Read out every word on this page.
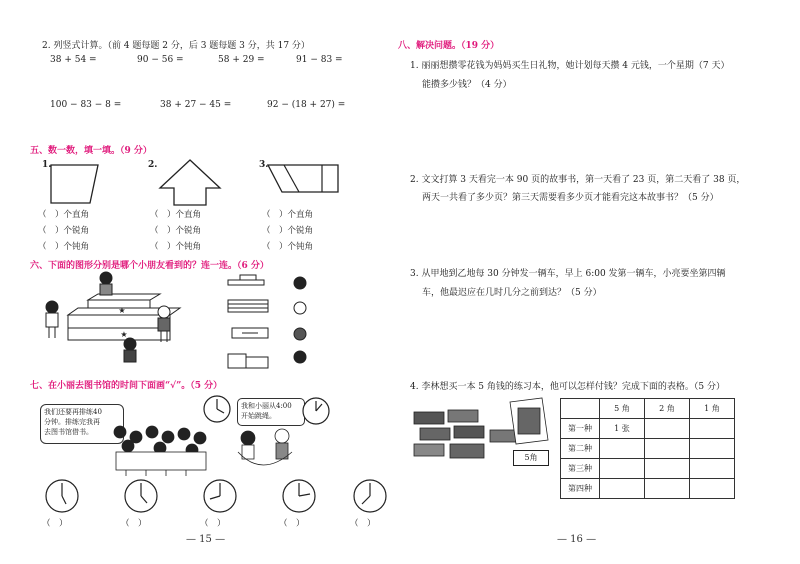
2. 列竖式计算。（前 4 题每题 2 分，后 3 题每题 3 分，共 17 分）
38 + 54 =	90 − 56 =	58 + 29 =	91 − 83 =
100 − 83 − 8 =	38 + 27 − 45 =	92 − (18 + 27) =
五、数一数，填一填。（9 分）
1.	2.	3.
（　）个直角
（　）个锐角
（　）个钝角
（　）个直角
（　）个锐角
（　）个钝角
（　）个直角
（　）个锐角
（　）个钝角
六、下面的图形分别是哪个小朋友看到的？连一连。（6 分）
★
★
七、在小丽去图书馆的时间下面画“√”。（5 分）
我们还要再排练40
分钟。排练完我再
去图书馆借书。
我和小丽从4:00
开始跳绳。
（　）	（　）	（　）	（　）	（　）
— 15 —
八、解决问题。（19 分）
1. 丽丽想攒零花钱为妈妈买生日礼物，她计划每天攒 4 元钱，一个星期（7 天）
能攒多少钱？（4 分）
2. 文文打算 3 天看完一本 90 页的故事书，第一天看了 23 页，第二天看了 38 页，
两天一共看了多少页？第三天需要看多少页才能看完这本故事书？（5 分）
3. 从甲地到乙地每 30 分钟发一辆车，早上 6:00 发第一辆车，小亮要坐第四辆
车，他最迟应在几时几分之前到达？（5 分）
4. 李林想买一本 5 角钱的练习本，他可以怎样付钱？完成下面的表格。（5 分）
5角
	5 角	2 角	1 角
第一种	1 张		
第二种			
第三种			
第四种			
— 16 —
